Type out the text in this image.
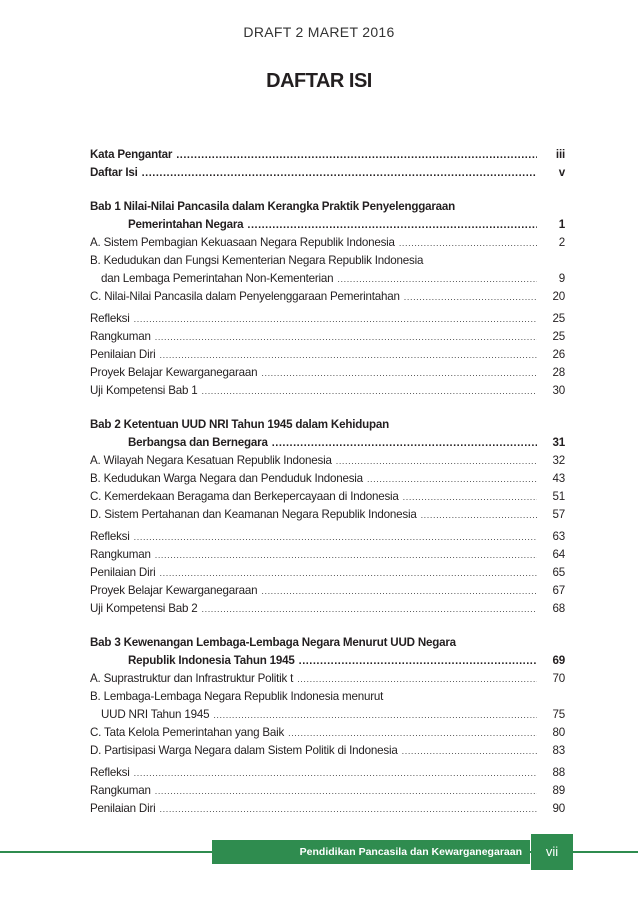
DRAFT 2 MARET 2016
DAFTAR ISI
Kata Pengantar .....	iii
Daftar Isi .....	v
Bab 1 Nilai-Nilai Pancasila dalam Kerangka Praktik Penyelenggaraan
Pemerintahan Negara .....	1
A. Sistem Pembagian Kekuasaan Negara Republik Indonesia .....	2
B. Kedudukan dan Fungsi Kementerian Negara Republik Indonesia
dan Lembaga Pemerintahan Non-Kementerian .....	9
C. Nilai-Nilai Pancasila dalam Penyelenggaraan Pemerintahan .....	20
Refleksi .....	25
Rangkuman .....	25
Penilaian Diri .....	26
Proyek Belajar Kewarganegaraan .....	28
Uji Kompetensi Bab 1 .....	30
Bab 2 Ketentuan UUD NRI Tahun 1945 dalam Kehidupan
Berbangsa dan Bernegara .....	31
A. Wilayah Negara Kesatuan Republik Indonesia .....	32
B. Kedudukan Warga Negara dan Penduduk Indonesia .....	43
C. Kemerdekaan Beragama dan Berkepercayaan di Indonesia .....	51
D. Sistem Pertahanan dan Keamanan Negara Republik Indonesia .....	57
Refleksi .....	63
Rangkuman .....	64
Penilaian Diri .....	65
Proyek Belajar Kewarganegaraan .....	67
Uji Kompetensi Bab 2 .....	68
Bab 3 Kewenangan Lembaga-Lembaga Negara Menurut UUD Negara
Republik Indonesia Tahun 1945 .....	69
A. Suprastruktur dan Infrastruktur Politik t .....	70
B. Lembaga-Lembaga Negara Republik Indonesia menurut
UUD NRI Tahun 1945 .....	75
C. Tata Kelola Pemerintahan yang Baik .....	80
D. Partisipasi Warga Negara dalam Sistem Politik di Indonesia .....	83
Refleksi .....	88
Rangkuman .....	89
Penilaian Diri .....	90
Pendidikan Pancasila dan Kewarganegaraan	vii
